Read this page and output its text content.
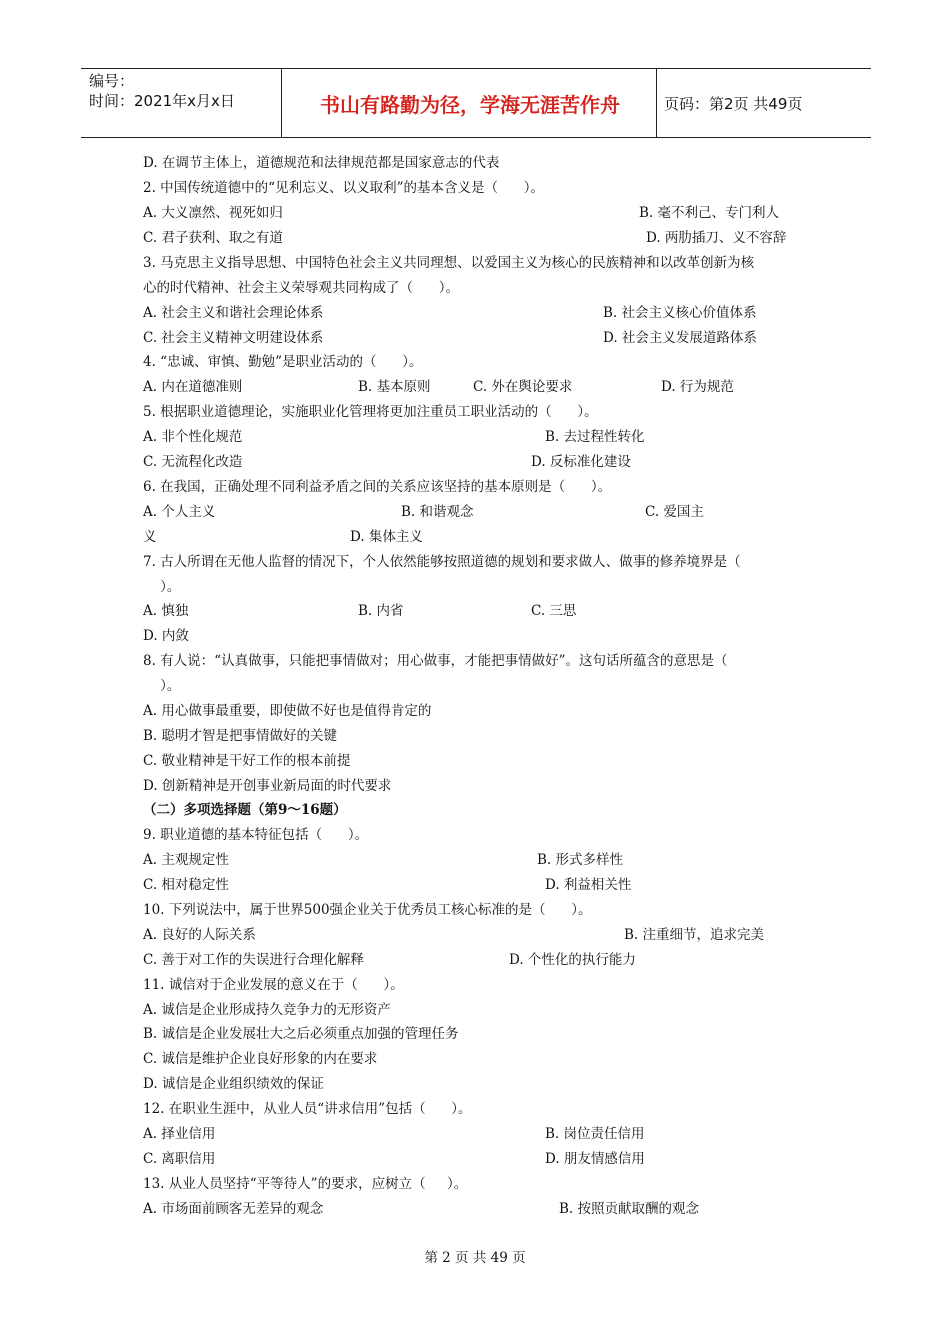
编号：
时间：2021年x月x日	书山有路勤为径，学海无涯苦作舟	页码：第2页 共49页
D. 在调节主体上，道德规范和法律规范都是国家意志的代表
2. 中国传统道德中的“见利忘义、以义取利”的基本含义是（      ）。
A. 大义凛然、视死如归	B. 毫不利己、专门利人
C. 君子获利、取之有道	D. 两肋插刀、义不容辞
3. 马克思主义指导思想、中国特色社会主义共同理想、以爱国主义为核心的民族精神和以改革创新为核
心的时代精神、社会主义荣辱观共同构成了（      ）。
A. 社会主义和谐社会理论体系	B. 社会主义核心价值体系
C. 社会主义精神文明建设体系	D. 社会主义发展道路体系
4. “忠诚、审慎、勤勉”是职业活动的（      ）。
A. 内在道德准则	B. 基本原则	C. 外在舆论要求	D. 行为规范
5. 根据职业道德理论，实施职业化管理将更加注重员工职业活动的（      ）。
A. 非个性化规范	B. 去过程性转化
C. 无流程化改造	D. 反标准化建设
6. 在我国，正确处理不同利益矛盾之间的关系应该坚持的基本原则是（      ）。
A. 个人主义	B. 和谐观念	C. 爱国主
义	D. 集体主义
7. 古人所谓在无他人监督的情况下，个人依然能够按照道德的规划和要求做人、做事的修养境界是（
）。
A. 慎独	B. 内省	C. 三思
D. 内敛
8. 有人说：“认真做事，只能把事情做对；用心做事，才能把事情做好”。这句话所蕴含的意思是（
）。
A. 用心做事最重要，即使做不好也是值得肯定的
B. 聪明才智是把事情做好的关键
C. 敬业精神是干好工作的根本前提
D. 创新精神是开创事业新局面的时代要求
（二）多项选择题（第9～16题）
9. 职业道德的基本特征包括（      ）。
A. 主观规定性	B. 形式多样性
C. 相对稳定性	D. 利益相关性
10. 下列说法中，属于世界500强企业关于优秀员工核心标准的是（      ）。
A. 良好的人际关系	B. 注重细节，追求完美
C. 善于对工作的失误进行合理化解释	D. 个性化的执行能力
11. 诚信对于企业发展的意义在于（      ）。
A. 诚信是企业形成持久竞争力的无形资产
B. 诚信是企业发展壮大之后必须重点加强的管理任务
C. 诚信是维护企业良好形象的内在要求
D. 诚信是企业组织绩效的保证
12. 在职业生涯中，从业人员“讲求信用”包括（      ）。
A. 择业信用	B. 岗位责任信用
C. 离职信用	D. 朋友情感信用
13. 从业人员坚持“平等待人”的要求，应树立（     ）。
A. 市场面前顾客无差异的观念	B. 按照贡献取酬的观念
第 2 页 共 49 页
